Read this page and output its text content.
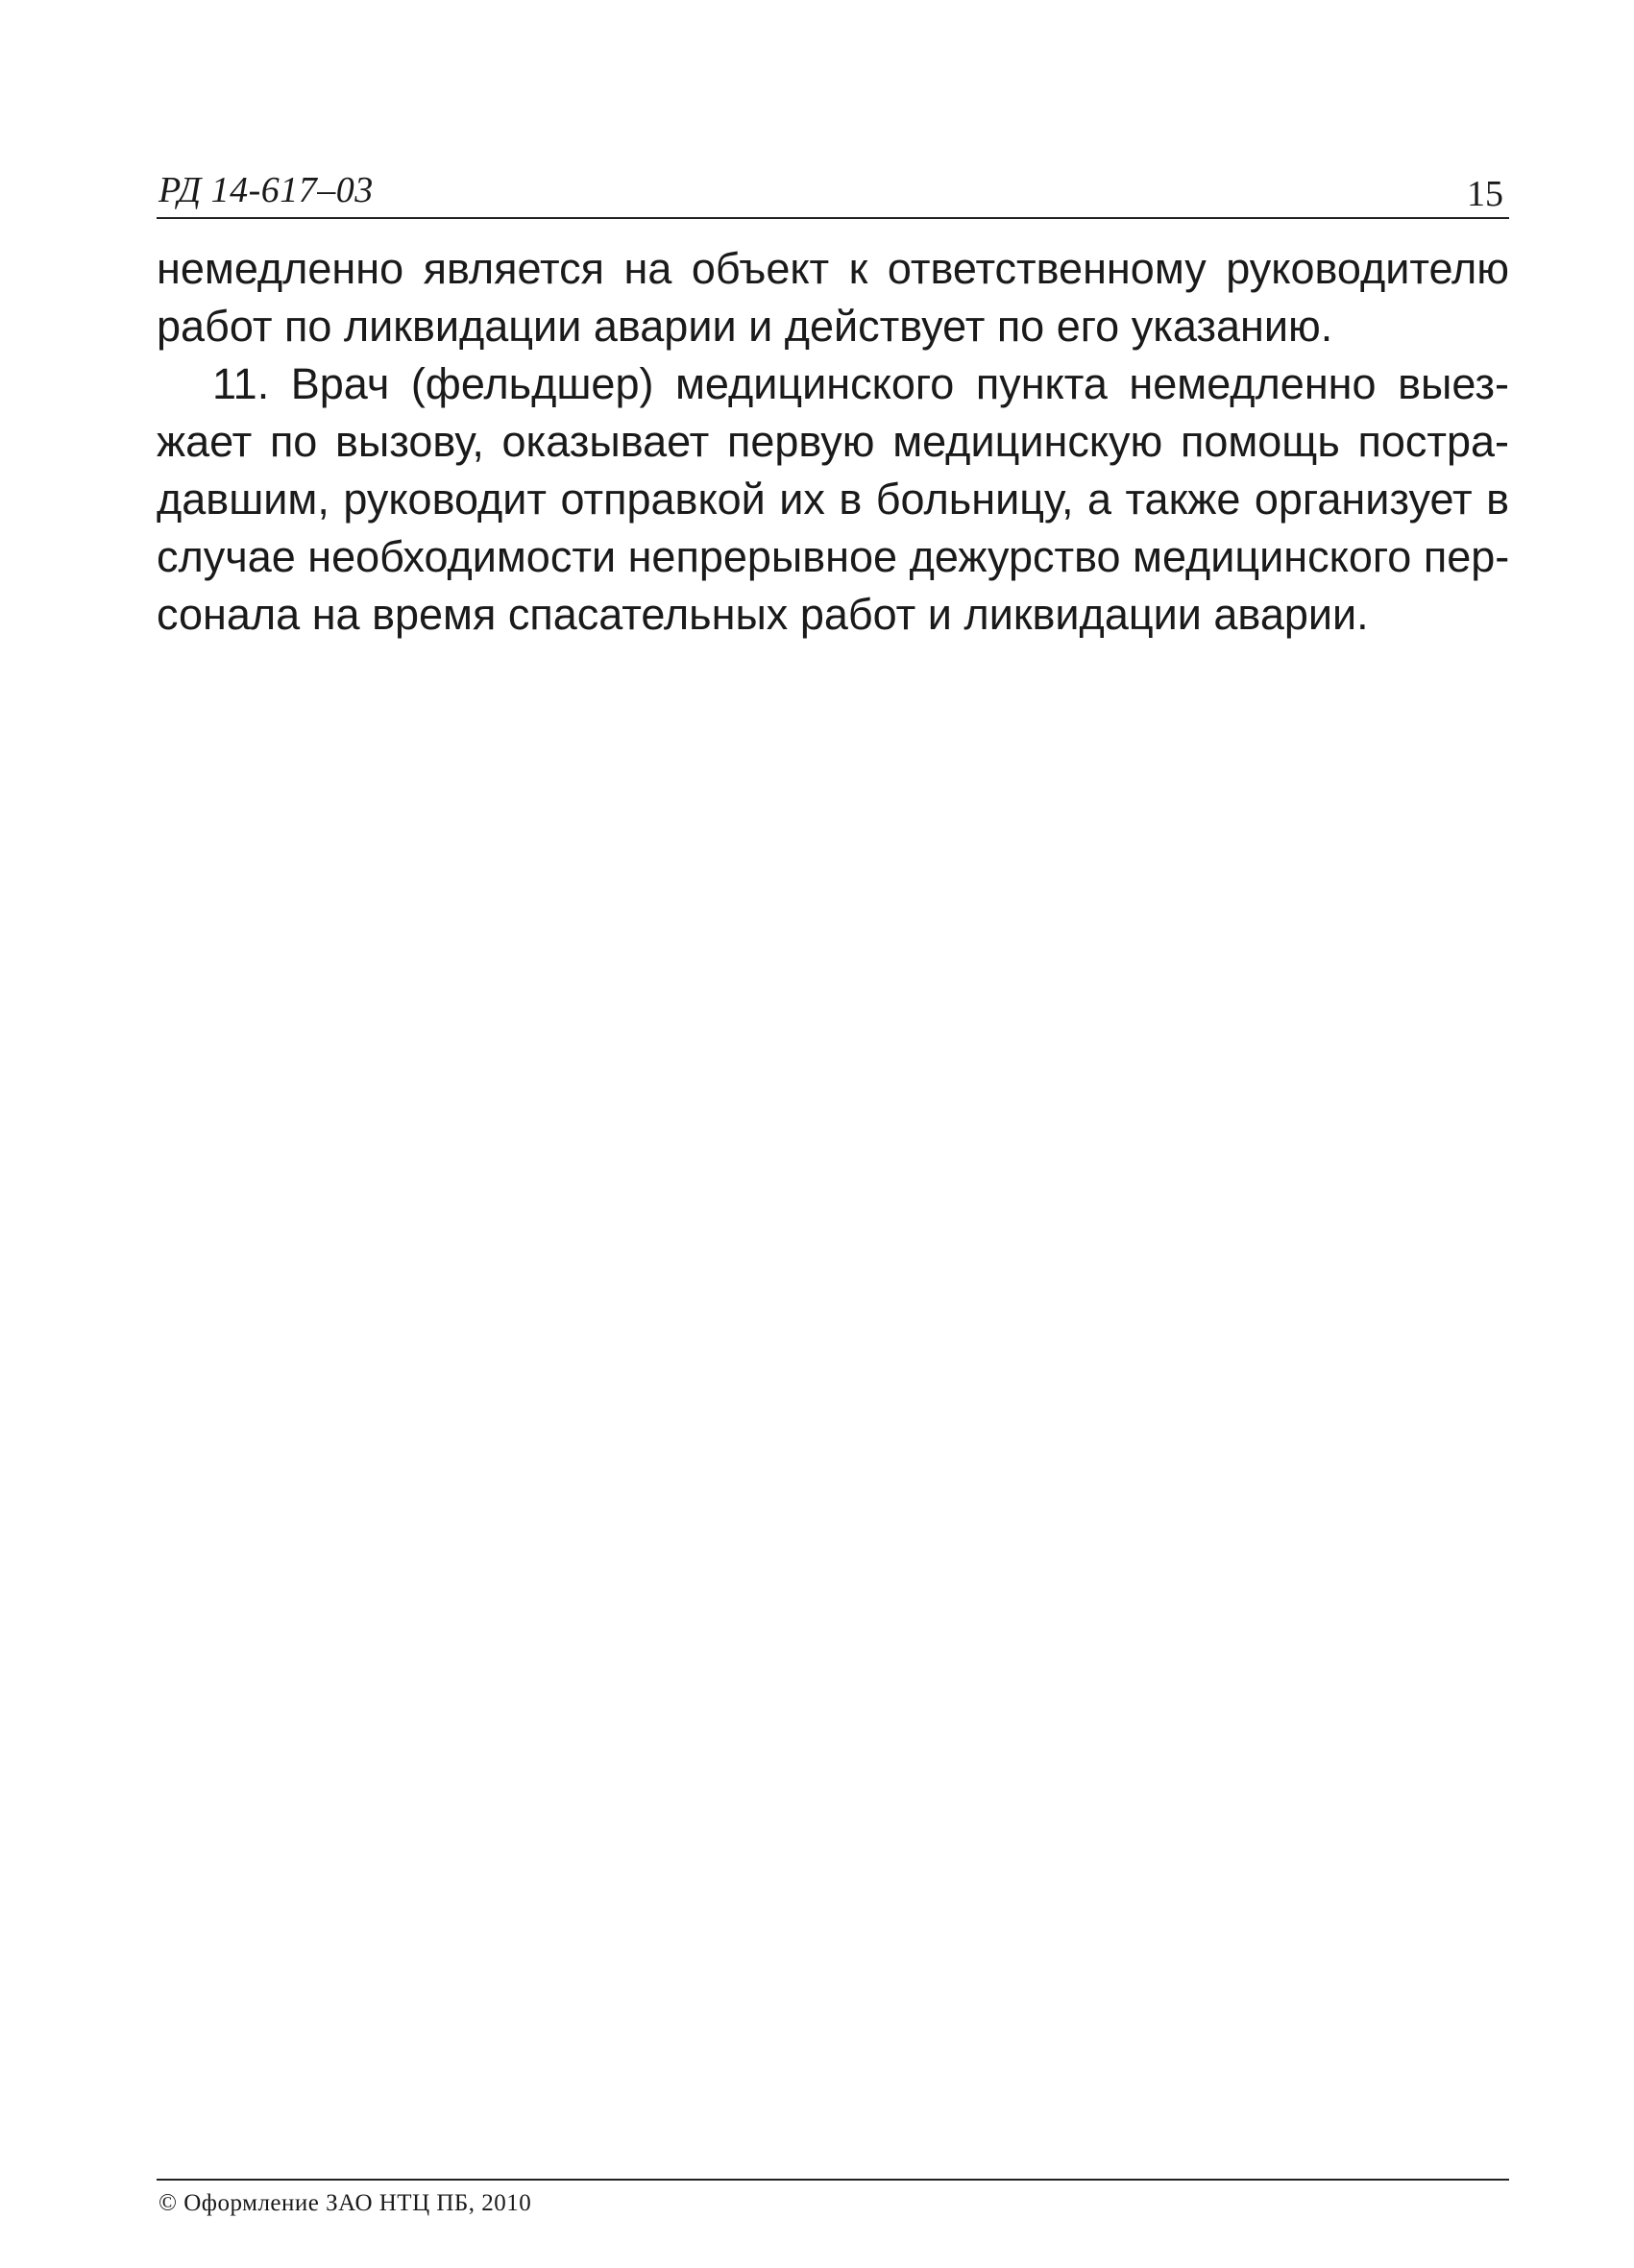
РД 14-617–03	15

немедленно является на объект к ответственному руководителю
работ по ликвидации аварии и действует по его указанию.

11. Врач (фельдшер) медицинского пункта немедленно выез-
жает по вызову, оказывает первую медицинскую помощь постра-
давшим, руководит отправкой их в больницу, а также организует в
случае необходимости непрерывное дежурство медицинского пер-
сонала на время спасательных работ и ликвидации аварии.

© Оформление ЗАО НТЦ ПБ, 2010
